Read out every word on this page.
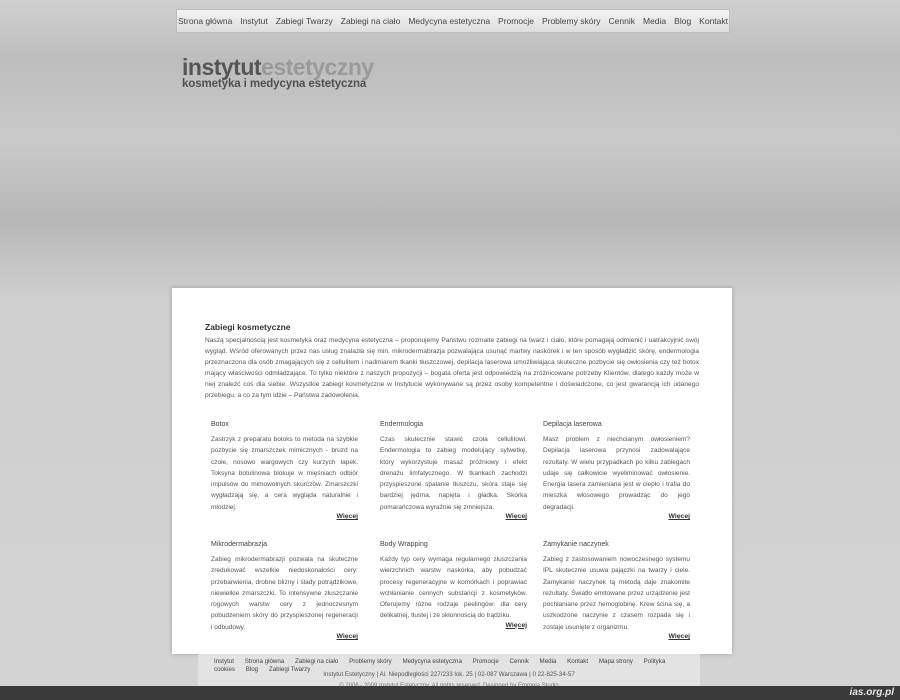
Strona główna Instytut Zabiegi Twarzy Zabiegi na ciało Medycyna estetyczna Promocje Problemy skóry Cennik Media Blog Kontakt
instytutestetyczny
kosmetyka i medycyna estetyczna
Zabiegi kosmetyczne

Naszą specjalnością jest kosmetyka oraz medycyna estetyczna – proponujemy Państwu rozmaite zabiegi na twarz i ciało, które pomagają odmienić i uatrakcyjnić swój wygląd. Wśród oferowanych przez nas usług znalazła się min. mikrodermabrazja pozwalająca usunąć martwy naskórek i w ten sposób wygładzić skórę, endermologia przeznaczona dla osób zmagających się z cellulitem i nadmiarem tkanki tłuszczowej, depilacja laserowa umożliwiająca skuteczne pozbycie się owłosienia czy też botox mający właściwości odmładzające. To tylko niektóre z naszych propozycji – bogata oferta jest odpowiedzią na zróżnicowane potrzeby Klientów, dlatego każdy może w niej znaleźć coś dla siebie. Wszystkie zabiegi kosmetyczne w Instytucie wykonywane są przez osoby kompetentne i doświadczone, co jest gwarancją ich udanego przebiegu, a co za tym idzie – Państwa zadowolenia.

Botox

Zastrzyk z preparatu botoks to metoda na szybkie pozbycie się zmarszczek mimicznych - bruzd na czole, nosowo wargowych czy kurzych łapek. Toksyna botulinowa blokuje w mięśniach odbiór impulsów do mimowolnych skurczów. Zmarszczki wygładzają się, a cera wygląda naturalnie i młodziej.

Więcej
Endermologia

Czas skutecznie stawić czoła cellulitowi. Endermologia to zabieg modelujący sylwetkę, który wykorzystuje masaż próżniowy i efekt drenażu limfatycznego. W tkankach zachodzi przyspieszone spalanie tłuszczu, skóra staje się bardziej jędrna, napięta i gładka. Skórka pomarańczowa wyraźnie się zmniejsza.

Więcej
Depilacja laserowa

Masz problem z niechcianym owłosieniem? Depilacja laserowa przynosi zadowalające rezultaty. W wielu przypadkach po kilku zabiegach udaje się całkowicie wyeliminować owłosienie. Energia lasera zamieniana jest w ciepło i trafia do mieszka włosowego prowadząc do jego degradacji.

Więcej
Mikrodermabrazja

Zabieg mikrodermabrazji pozwala na skuteczne zredukować wszelkie niedoskonałości cery: przebarwienia, drobne blizny i ślady potrądzikowe, niewielkie zmarszczki. To intensywne złuszczanie rogowych warstw cery z jednoczesnym pobudzeniem skóry do przyspieszonej regeneracji i odbudowy.

Więcej
Body Wrapping

Każdy typ cery wymaga regularnego złuszczania wierzchnich warstw naskórka, aby pobudzać procesy regeneracyjne w komórkach i poprawiać wchłanianie cennych substancji z kosmetyków. Oferujemy różne rodzaje peelingów: dla cery delikatnej, tłustej i ze skłonnością do trądziku.

Więcej
Zamykanie naczynek

Zabieg z zastosowaniem nowoczesnego systemu IPL skutecznie usuwa pajączki na twarzy i ciele. Zamykanie naczynek tą metodą daje znakomite rezultaty. Światło emitowane przez urządzenie jest pochłaniane przez hemoglobinę. Krew ścina się, a uszkodzone naczynie z czasem rozpada się i zostaje usunięte z organizmu.

Więcej
Instytut Strona główna Zabiegi na ciało Problemy skóry Medycyna estetyczna Promocje Cennik Media Kontakt Mapa strony Polityka cookies Blog Zabiegi Twarzy
Instytut Estetyczny | Al. Niepodległości 227/233 lok. 25 | 02-087 Warszawa | 0 22-825-34-57
ias.org.pl
